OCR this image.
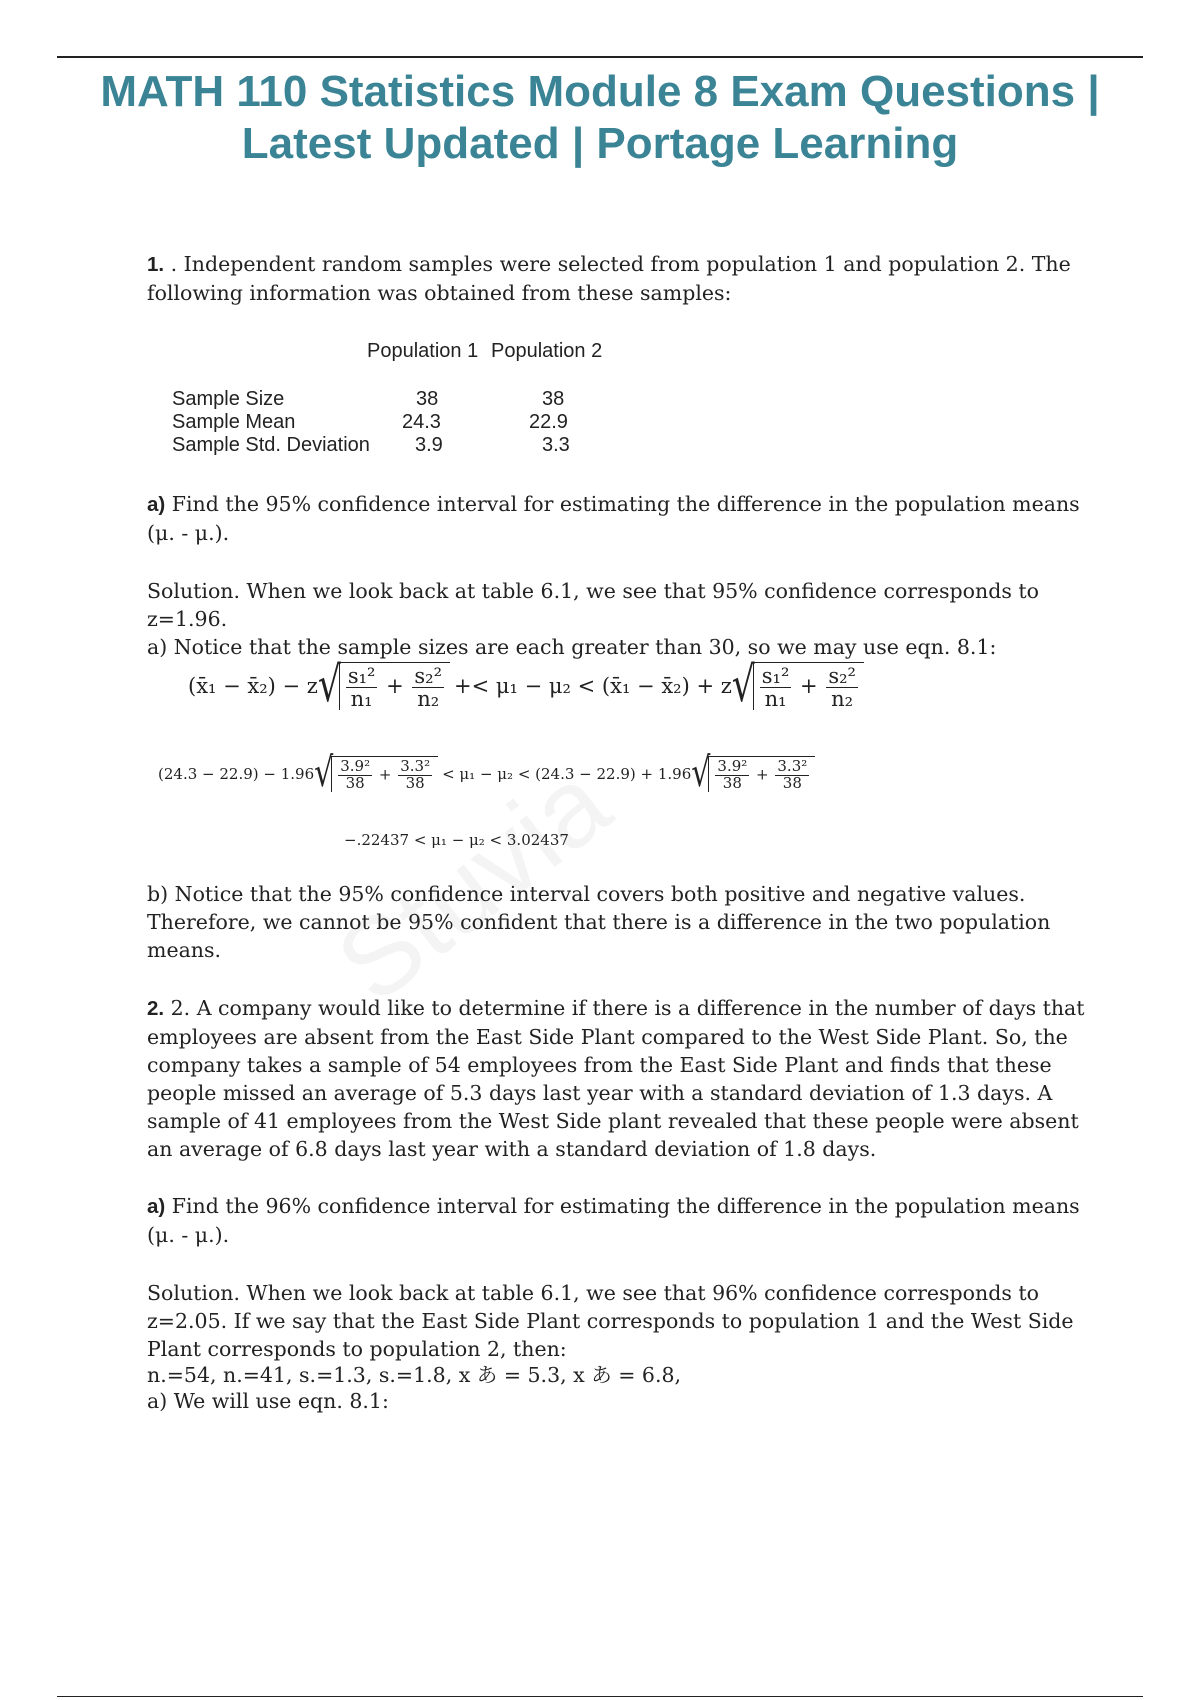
MATH 110 Statistics Module 8 Exam Questions | Latest Updated | Portage Learning

1. . Independent random samples were selected from population 1 and population 2. The following information was obtained from these samples:

Population 1 Population 2
Sample Size	38	38
Sample Mean	24.3	22.9
Sample Std. Deviation 3.9	3.3

a) Find the 95% confidence interval for estimating the difference in the population means (μ. - μ.).

Solution. When we look back at table 6.1, we see that 95% confidence corresponds to z=1.96.

a) Notice that the sample sizes are each greater than 30, so we may use eqn. 8.1:

(x̄₁ − x̄₂) − z √ $\frac{\text{s₁²}}{\text{n₁}} + \frac{\text{s₂²}}{\text{n₂}} +< \mu_1 - \mu_2$ < (x̄₁ − x̄₂) + z √ $\frac{\text{s₁²}}{\text{n₁}} + \frac{\text{s₂²}}{\text{n₂}}$
(24.3 − 22.9) − 1.96 √ $\frac{\text{3.9²}}{38} + \frac{\text{3.3²}}{38} < \mu_1 - \mu_2 < (24.3 - 22.9) + 1.96$ √ $\frac{\text{3.9²}}{38} + \frac{\text{3.3²}}{38}$
−.22437 < μ₁ − μ₂ < 3.02437

b) Notice that the 95% confidence interval covers both positive and negative values. Therefore, we cannot be 95% confident that there is a difference in the two population means.

2. 2. A company would like to determine if there is a difference in the number of days that employees are absent from the East Side Plant compared to the West Side Plant. So, the company takes a sample of 54 employees from the East Side Plant and finds that these people missed an average of 5.3 days last year with a standard deviation of 1.3 days. A sample of 41 employees from the West Side plant revealed that these people were absent an average of 6.8 days last year with a standard deviation of 1.8 days.

a) Find the 96% confidence interval for estimating the difference in the population means (μ. - μ.).

Solution. When we look back at table 6.1, we see that 96% confidence corresponds to z=2.05. If we say that the East Side Plant corresponds to population 1 and the West Side Plant corresponds to population 2, then:

n.=54, n.=41, s.=1.3, s.=1.8, x あ = 5.3, x あ = 6.8,

a) We will use eqn. 8.1:
